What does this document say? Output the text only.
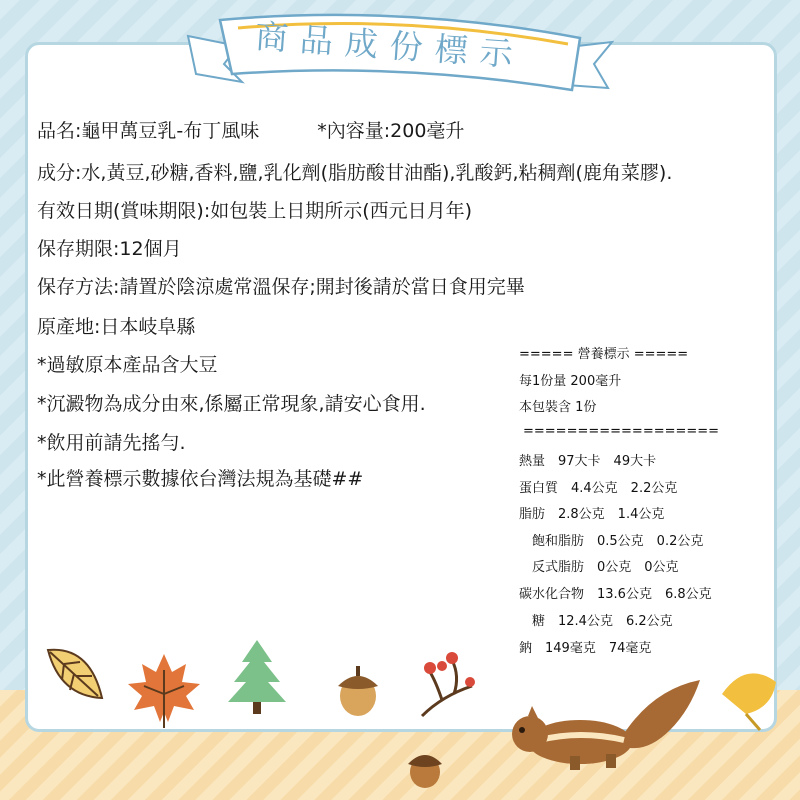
商品成份標示
品名:龜甲萬豆乳-布丁風味	*內容量:200毫升
成分:水,黃豆,砂糖,香料,鹽,乳化劑(脂肪酸甘油酯),乳酸鈣,粘稠劑(鹿角菜膠).
有效日期(賞味期限):如包裝上日期所示(西元日月年)
保存期限:12個月
保存方法:請置於陰涼處常溫保存;開封後請於當日食用完畢
原產地:日本岐阜縣
*過敏原本產品含大豆
*沉澱物為成分由來,係屬正常現象,請安心食用.
*飲用前請先搖勻.
*此營養標示數據依台灣法規為基礎##
===== 營養標示 =====
每1份量 200毫升
本包裝含 1份
==================
熱量　97大卡　49大卡
蛋白質　4.4公克　2.2公克
脂肪　2.8公克　1.4公克
　飽和脂肪　0.5公克　0.2公克
　反式脂肪　0公克　0公克
碳水化合物　13.6公克　6.8公克
　糖　12.4公克　6.2公克
鈉　149毫克　74毫克
